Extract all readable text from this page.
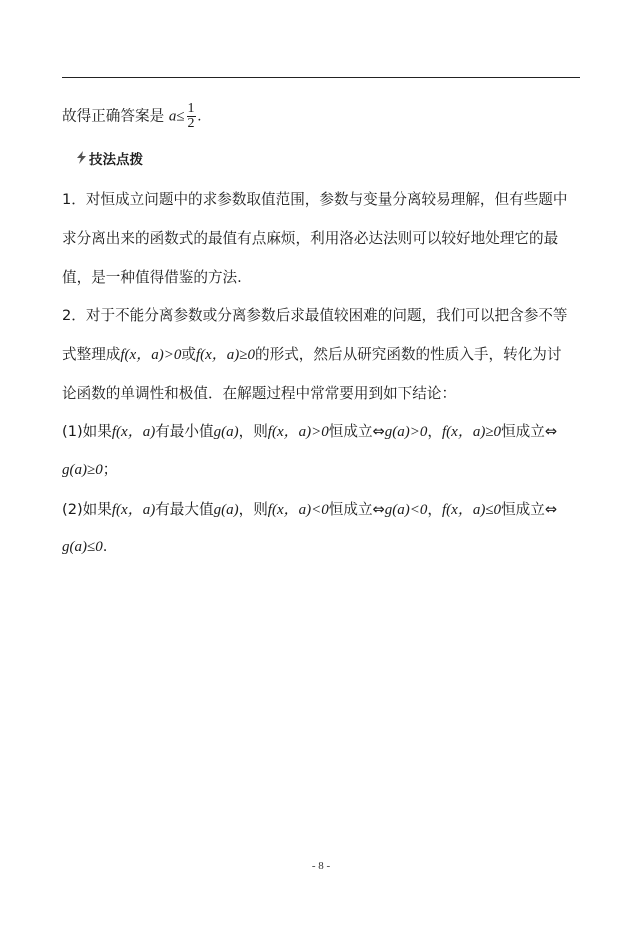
故得正确答案是 $a\le \frac{1}{2}$ .
技法点拨
1．对恒成立问题中的求参数取值范围，参数与变量分离较易理解，但有些题中
求分离出来的函数式的最值有点麻烦，利用洛必达法则可以较好地处理它的最
值，是一种值得借鉴的方法.
2．对于不能分离参数或分离参数后求最值较困难的问题，我们可以把含参不等
式整理成f(x，a)>0或f(x，a)≥0的形式，然后从研究函数的性质入手，转化为讨
论函数的单调性和极值．在解题过程中常常要用到如下结论：
(1)如果f(x，a)有最小值g(a)，则f(x，a)>0恒成立⇔g(a)>0，f(x，a)≥0恒成立⇔
g(a)≥0；
(2)如果f(x，a)有最大值g(a)，则f(x，a)<0恒成立⇔g(a)<0，f(x，a)≤0恒成立⇔
g(a)≤0.
- 8 -
